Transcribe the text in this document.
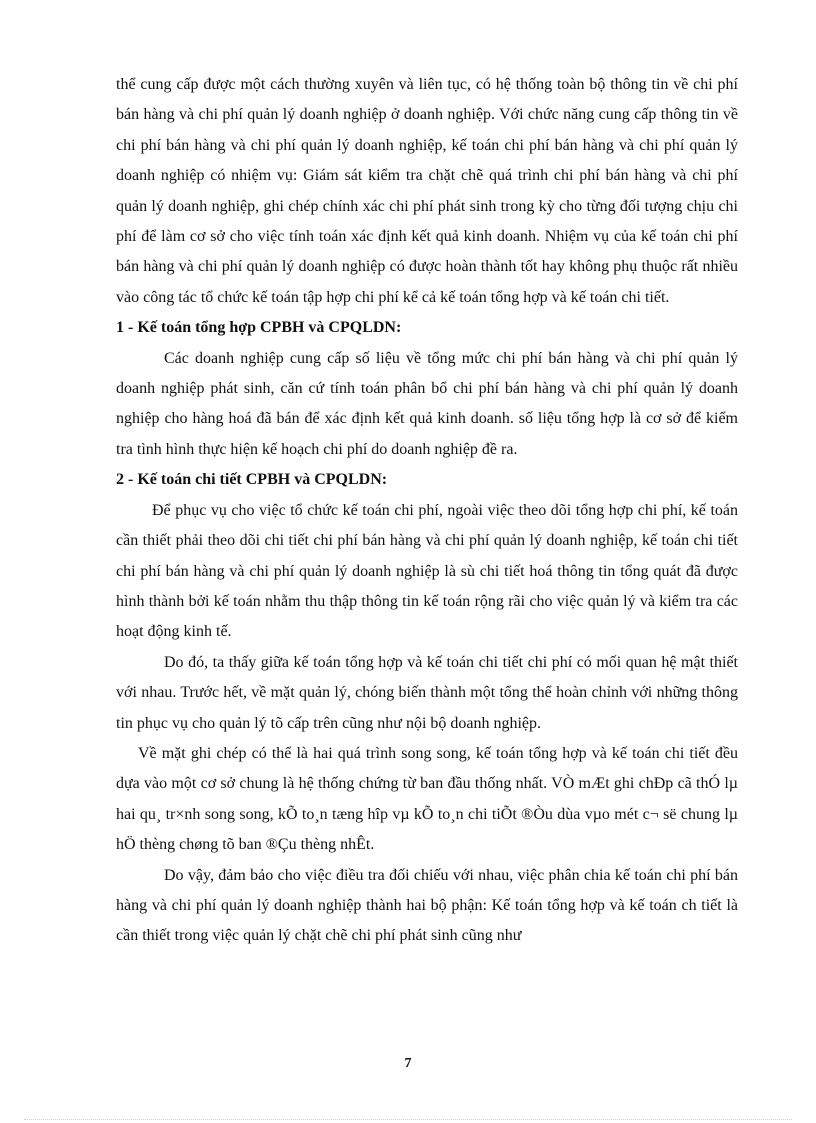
thể cung cấp được một cách thường xuyên và liên tục, có hệ thống toàn bộ thông tin về chi phí bán hàng và chi phí quản lý doanh nghiệp ở doanh nghiệp. Với chức năng cung cấp thông tin về chi phí bán hàng và chi phí quản lý doanh nghiệp, kế toán chi phí bán hàng và chi phí quản lý doanh nghiệp có nhiệm vụ: Giám sát kiểm tra chặt chẽ quá trình chi phí bán hàng và chi phí quản lý doanh nghiệp, ghi chép chính xác chi phí phát sinh trong kỳ cho từng đối tượng chịu chi phí để làm cơ sở cho việc tính toán xác định kết quả kinh doanh. Nhiệm vụ của kế toán chi phí bán hàng và chi phí quản lý doanh nghiệp có được hoàn thành tốt hay không phụ thuộc rất nhiều vào công tác tổ chức kế toán tập hợp chi phí kể cả kế toán tổng hợp và kế toán chi tiết.

1 - Kế toán tổng hợp CPBH và CPQLDN:

Các doanh nghiệp cung cấp số liệu về tổng mức chi phí bán hàng và chi phí quản lý doanh nghiệp phát sinh, căn cứ tính toán phân bổ chi phí bán hàng và chi phí quản lý doanh nghiệp cho hàng hoá đã bán để xác định kết quả kinh doanh. số liệu tổng hợp là cơ sở để kiểm tra tình hình thực hiện kế hoạch chi phí do doanh nghiệp đề ra.

2 - Kế toán chi tiết CPBH và CPQLDN:

Để phục vụ cho việc tổ chức kế toán chi phí, ngoài việc theo dõi tổng hợp chi phí, kế toán cần thiết phải theo dõi chi tiết chi phí bán hàng và chi phí quản lý doanh nghiệp, kế toán chi tiết chi phí bán hàng và chi phí quản lý doanh nghiệp là sù chi tiết hoá thông tin tổng quát đã được hình thành bởi kế toán nhằm thu thập thông tin kế toán rộng rãi cho việc quản lý và kiểm tra các hoạt động kinh tế.

Do đó, ta thấy giữa kế toán tổng hợp và kế toán chi tiết chi phí có mối quan hệ mật thiết với nhau. Trước hết, về mặt quản lý, chóng biến thành một tổng thể hoàn chỉnh với những thông tin phục vụ cho quản lý tõ cấp trên cũng như nội bộ doanh nghiệp.

Về mặt ghi chép có thể là hai quá trình song song, kế toán tổng hợp và kế toán chi tiết đều dựa vào một cơ sở chung là hệ thống chứng từ ban đầu thống nhất. VÒ mÆt ghi chÐp cã thÓ lµ hai qu¸ tr×nh song song, kÕ to¸n tæng hîp vµ kÕ to¸n chi tiÕt ®Òu dùa vµo mét c¬ së chung lµ hÖ thèng chøng tõ ban ®Çu thèng nhÊt.

Do vậy, đảm bảo cho việc điều tra đối chiếu với nhau, việc phân chia kế toán chi phí bán hàng và chi phí quản lý doanh nghiệp thành hai bộ phận: Kế toán tổng hợp và kế toán ch tiết là cần thiết trong việc quản lý chặt chẽ chi phí phát sinh cũng như

7
